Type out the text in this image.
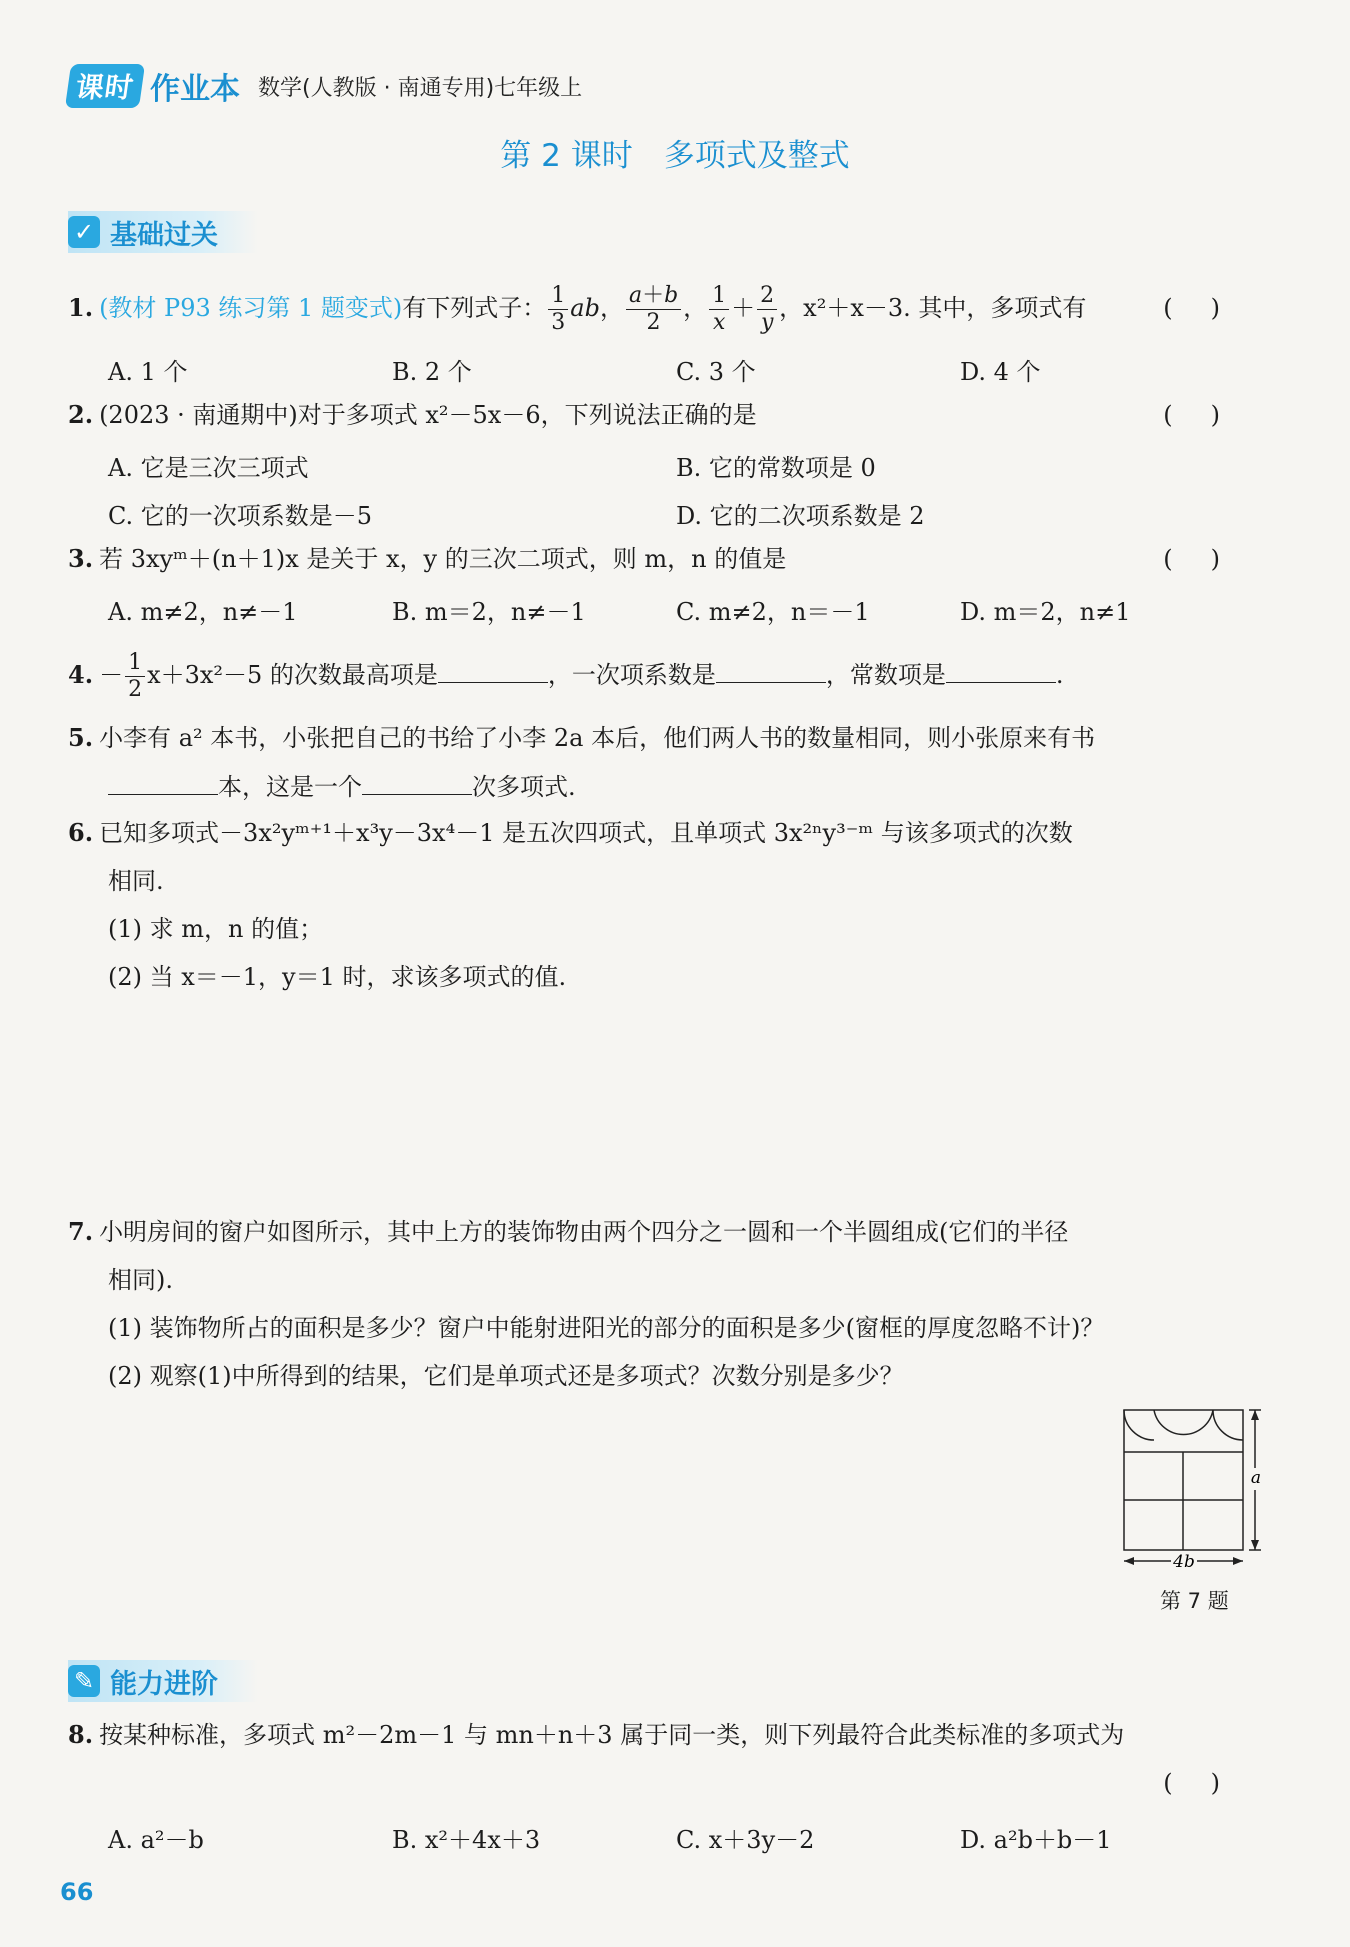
课时 作业本 数学(人教版 · 南通专用)七年级上
第 2 课时　多项式及整式
✓ 基础过关
1. (教材 P93 练习第 1 题变式)有下列式子： $\frac{1}{3}$ ab， $\frac{a+b}{2}$ ， $\frac{1}{x} + \frac{2}{y}$ ，x²＋x－3. 其中，多项式有	()
A. 1 个	B. 2 个	C. 3 个	D. 4 个
2. (2023 · 南通期中)对于多项式 x²－5x－6，下列说法正确的是	()
A. 它是三次三项式	B. 它的常数项是 0
C. 它的一次项系数是－5	D. 它的二次项系数是 2
3. 若 3xyᵐ＋(n＋1)x 是关于 x，y 的三次二项式，则 m，n 的值是	()
A. m≠2，n≠－1	B. m＝2，n≠－1	C. m≠2，n＝－1	D. m＝2，n≠1
4. － $\frac{1}{2} x+3x^2-5$ 的次数最高项是	，一次项系数是	，常数项是	.
5. 小李有 a² 本书，小张把自己的书给了小李 2a 本后，他们两人书的数量相同，则小张原来有书
本，这是一个	次多项式.
6. 已知多项式－3x²yᵐ⁺¹＋x³y－3x⁴－1 是五次四项式，且单项式 3x²ⁿy³⁻ᵐ 与该多项式的次数
相同.
(1) 求 m，n 的值；
(2) 当 x＝－1，y＝1 时，求该多项式的值.
7. 小明房间的窗户如图所示，其中上方的装饰物由两个四分之一圆和一个半圆组成(它们的半径
相同).
(1) 装饰物所占的面积是多少？窗户中能射进阳光的部分的面积是多少(窗框的厚度忽略不计)？
(2) 观察(1)中所得到的结果，它们是单项式还是多项式？次数分别是多少？
a
4b
第 7 题
✎ 能力进阶
8. 按某种标准，多项式 m²－2m－1 与 mn＋n＋3 属于同一类，则下列最符合此类标准的多项式为
()
A. a²－b	B. x²＋4x＋3	C. x＋3y－2	D. a²b＋b－1
66
